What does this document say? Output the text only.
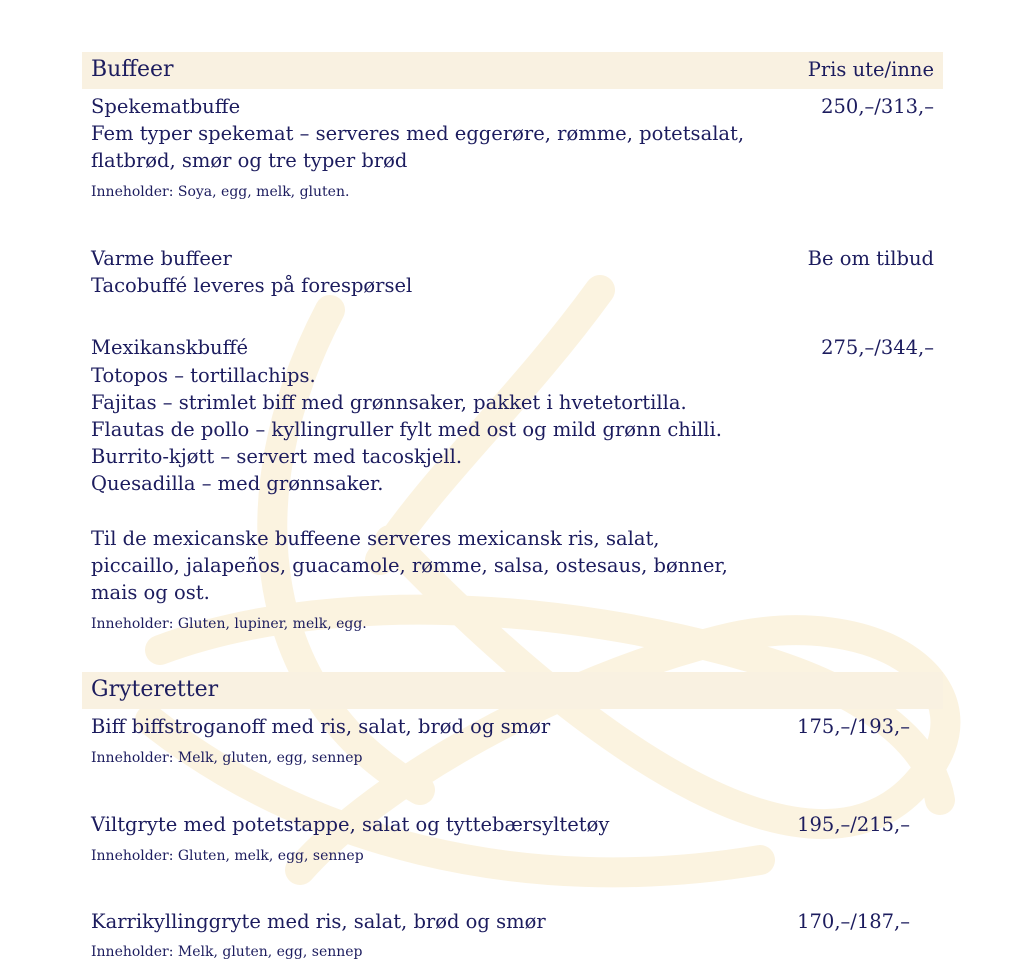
Buffeer	Pris ute/inne
Spekematbuffe	250,–/313,–
Fem typer spekemat – serveres med eggerøre, rømme, potetsalat,
flatbrød, smør og tre typer brød
Inneholder: Soya, egg, melk, gluten.
Varme buffeer	Be om tilbud
Tacobuffé leveres på forespørsel
Mexikanskbuffé	275,–/344,–
Totopos – tortillachips.
Fajitas – strimlet biff med grønnsaker, pakket i hvetetortilla.
Flautas de pollo – kyllingruller fylt med ost og mild grønn chilli.
Burrito-kjøtt – servert med tacoskjell.
Quesadilla – med grønnsaker.
Til de mexicanske buffeene serveres mexicansk ris, salat,
piccaillo, jalapeños, guacamole, rømme, salsa, ostesaus, bønner,
mais og ost.
Inneholder: Gluten, lupiner, melk, egg.
Gryteretter
Biff biffstroganoff med ris, salat, brød og smør	175,–/193,–
Inneholder: Melk, gluten, egg, sennep
Viltgryte med potetstappe, salat og tyttebærsyltetøy	195,–/215,–
Inneholder: Gluten, melk, egg, sennep
Karrikyllinggryte med ris, salat, brød og smør	170,–/187,–
Inneholder: Melk, gluten, egg, sennep
